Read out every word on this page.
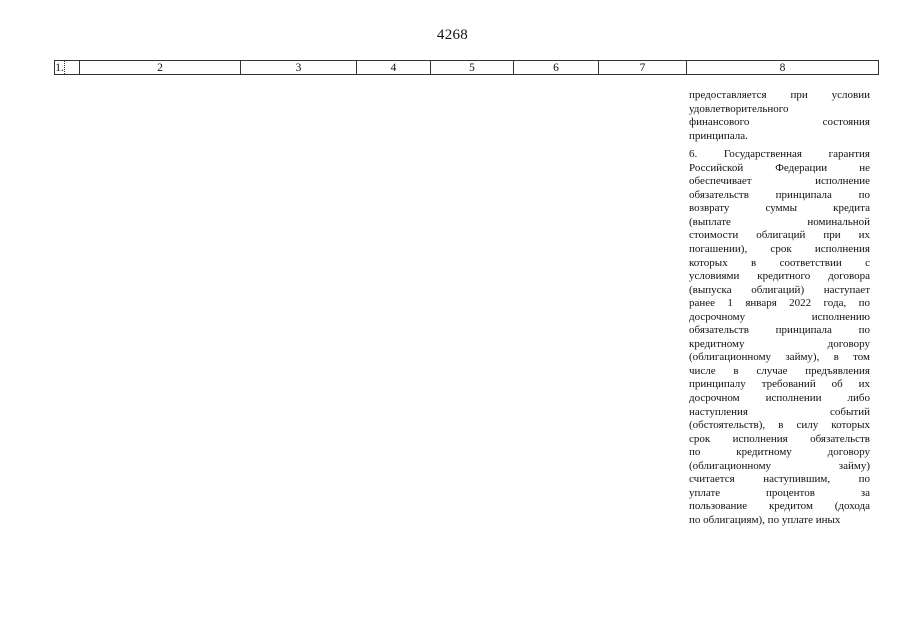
4268
1.		2	3	4	5	6	7	8

предоставляется при условии
удовлетворительного
финансового состояния
принципала.

6. Государственная гарантия
Российской Федерации не
обеспечивает исполнение
обязательств принципала по
возврату суммы кредита
(выплате номинальной
стоимости облигаций при их
погашении), срок исполнения
которых в соответствии с
условиями кредитного договора
(выпуска облигаций) наступает
ранее 1 января 2022 года, по
досрочному исполнению
обязательств принципала по
кредитному договору
(облигационному займу), в том
числе в случае предъявления
принципалу требований об их
досрочном исполнении либо
наступления событий
(обстоятельств), в силу которых
срок исполнения обязательств
по кредитному договору
(облигационному займу)
считается наступившим, по
уплате процентов за
пользование кредитом (дохода
по облигациям), по уплате иных
